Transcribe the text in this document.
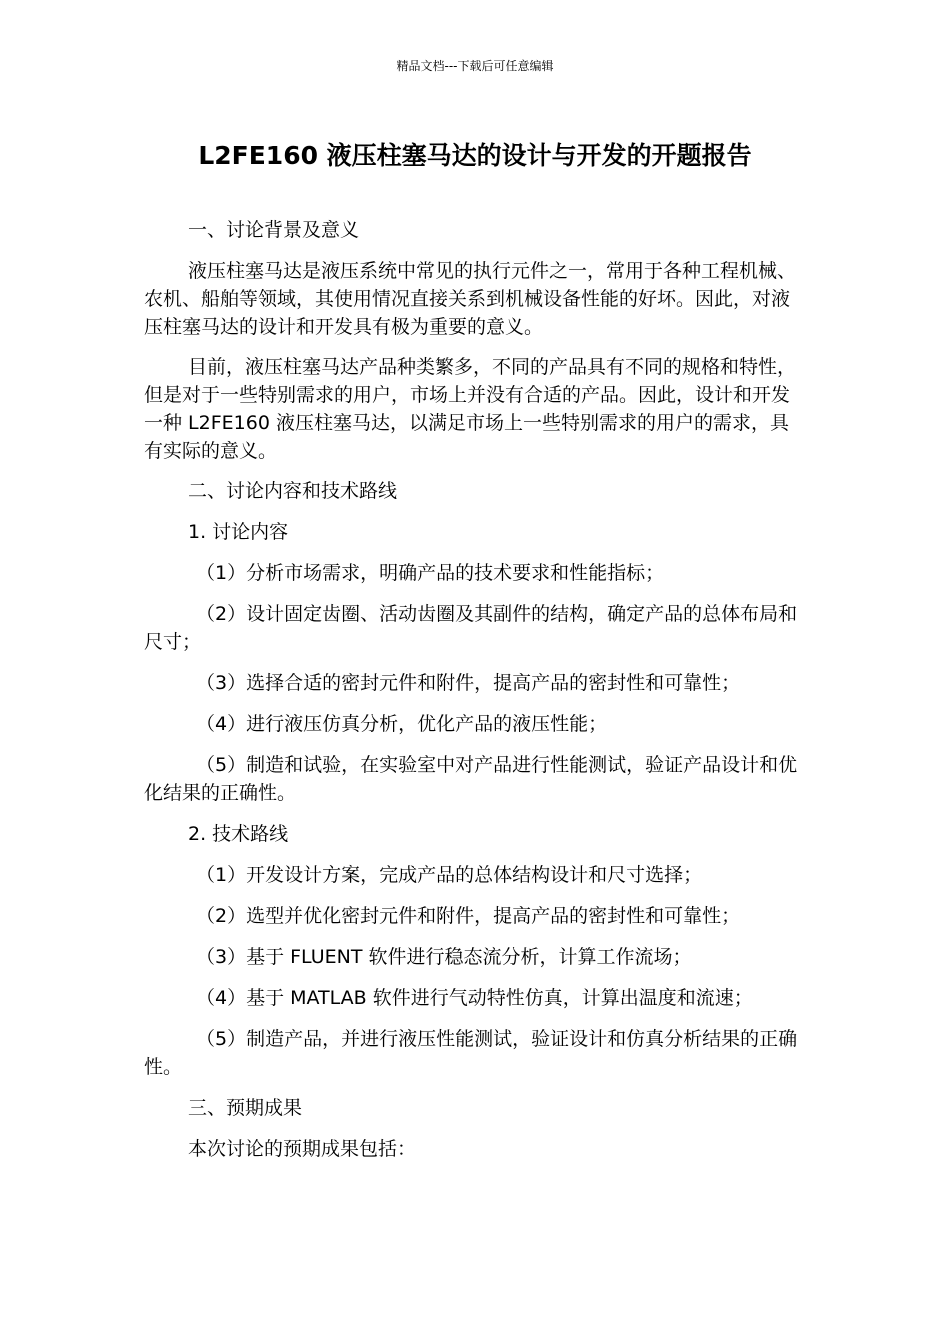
精品文档---下载后可任意编辑
L2FE160 液压柱塞马达的设计与开发的开题报告

一、讨论背景及意义

液压柱塞马达是液压系统中常见的执行元件之一，常用于各种工程机械、农机、船舶等领域，其使用情况直接关系到机械设备性能的好坏。因此，对液压柱塞马达的设计和开发具有极为重要的意义。

目前，液压柱塞马达产品种类繁多，不同的产品具有不同的规格和特性，但是对于一些特别需求的用户，市场上并没有合适的产品。因此，设计和开发一种 L2FE160 液压柱塞马达，以满足市场上一些特别需求的用户的需求，具有实际的意义。

二、讨论内容和技术路线

1. 讨论内容

（1）分析市场需求，明确产品的技术要求和性能指标；

（2）设计固定齿圈、活动齿圈及其副件的结构，确定产品的总体布局和尺寸；

（3）选择合适的密封元件和附件，提高产品的密封性和可靠性；

（4）进行液压仿真分析，优化产品的液压性能；

（5）制造和试验，在实验室中对产品进行性能测试，验证产品设计和优化结果的正确性。

2. 技术路线

（1）开发设计方案，完成产品的总体结构设计和尺寸选择；

（2）选型并优化密封元件和附件，提高产品的密封性和可靠性；

（3）基于 FLUENT 软件进行稳态流分析，计算工作流场；

（4）基于 MATLAB 软件进行气动特性仿真，计算出温度和流速；

（5）制造产品，并进行液压性能测试，验证设计和仿真分析结果的正确性。

三、预期成果

本次讨论的预期成果包括：
